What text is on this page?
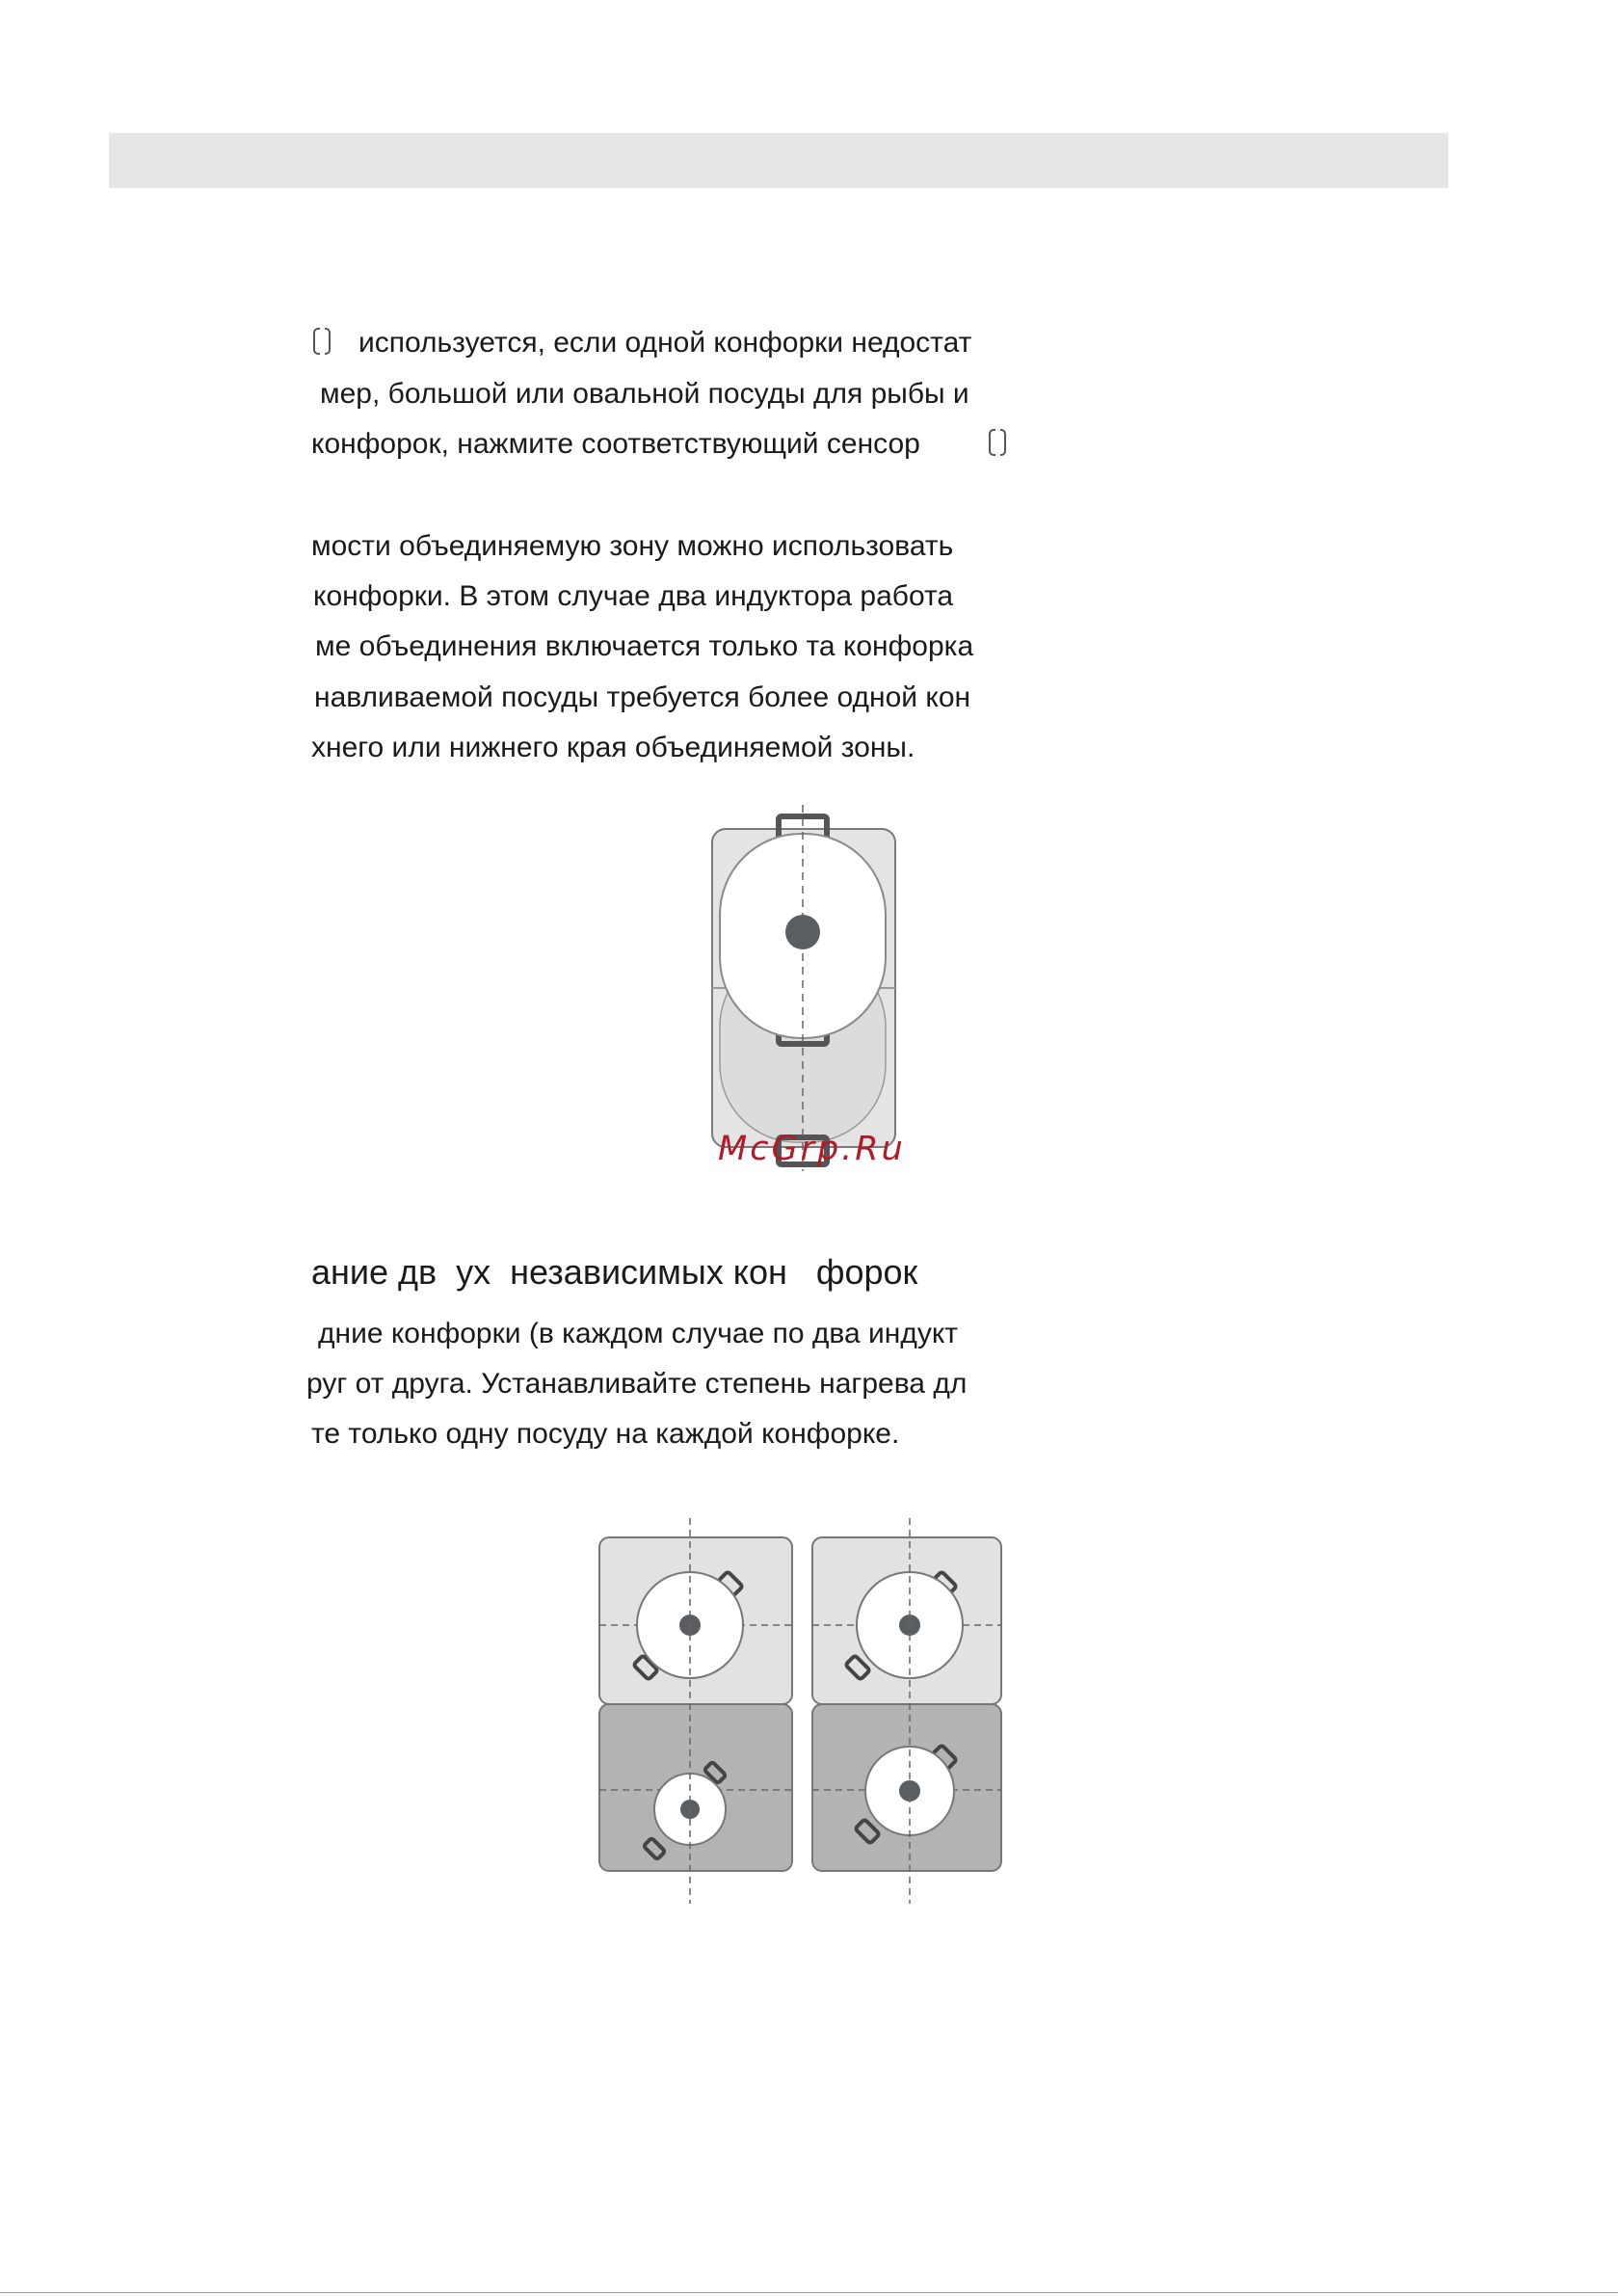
используется, если одной конфорки недостат
мер, большой или овальной посуды для рыбы и
конфорок, нажмите соответствующий сенсор
мости объединяемую зону можно использовать
конфорки. В этом случае два индуктора работа
ме объединения включается только та конфорка
навливаемой посуды требуется более одной кон
хнего или нижнего края объединяемой зоны.
McGrp.Ru
ание дв  ух  независимых кон   форок
дние конфорки (в каждом случае по два индукт
руг от друга. Устанавливайте степень нагрева дл
те только одну посуду на каждой конфорке.
